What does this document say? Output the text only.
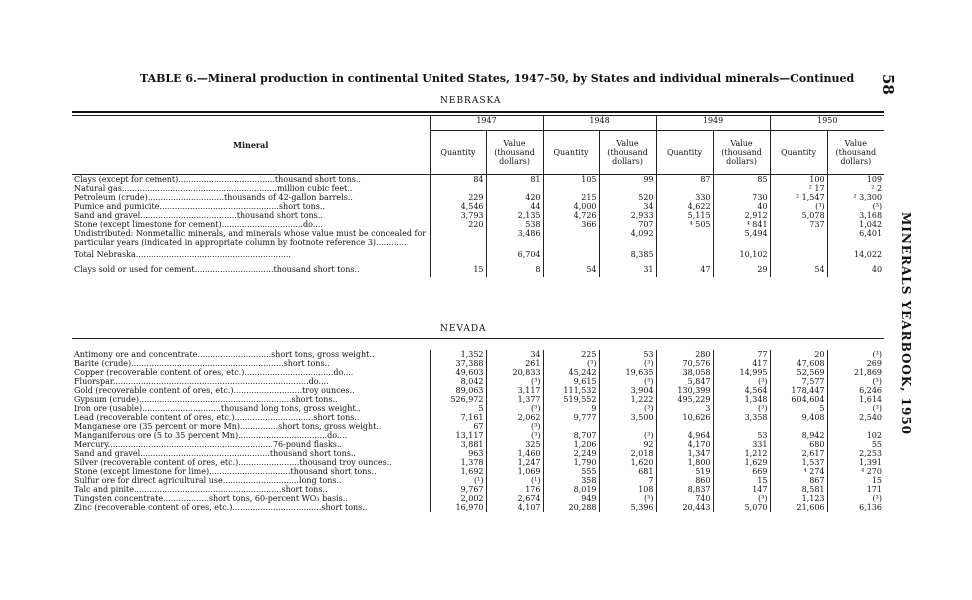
TABLE 6.—Mineral production in continental United States, 1947–50, by States and individual minerals—Continued 58
MINERALS YEARBOOK, 1950
NEBRASKA
Mineral	1947		1948		1949		1950	
	Quantity	Value (thousand dollars)	Quantity	Value (thousand dollars)	Quantity	Value (thousand dollars)	Quantity	Value (thousand dollars)
Clays (except for cement)......................................thousand short tons..	84	81	105	99	87	85	100	109
Natural gas.............................................................million cubic feet..							² 17	² 2
Petroleum (crude)..............................thousands of 42-gallon barrels..	229	420	215	520	330	730	² 1,547	² 3,300
Pumice and pumicite...............................................short tons..	4,546	44	4,000	34	4,622	40	(³)	(³)
Sand and gravel......................................thousand short tons..	3,793	2,135	4,726	2,933	5,115	2,912	5,078	3,168
Stone (except limestone for cement)................................do....	220	538	366	707	⁴ 505	⁴ 841	737	1,042
Undistributed: Nonmetallic minerals, and minerals whose value must be concealed for particular years (indicated in appropriate column by footnote reference 3)............		3,486		4,092		5,494		6,401
Total Nebraska.............................................................		6,704		8,385		10,102		14,022
Clays sold or used for cement...............................thousand short tons..	15	8	54	31	47	29	54	40
NEVADA
Antimony ore and concentrate.............................short tons, gross weight..	1,352	34	225	53	280	77	20	(³)
Barite (crude)............................................................short tons..	37,388	261	(³)	(³)	70,576	417	47,608	269
Copper (recoverable content of ores, etc.)...................................do....	49,603	20,833	45,242	19,635	38,058	14,995	52,569	21,869
Fluorspar.............................................................................do....	8,042	(³)	9,615	(³)	5,847	(³)	7,577	(³)
Gold (recoverable content of ores, etc.)...........................troy ounces..	89,063	3,117	111,532	3,904	130,399	4,564	178,447	6,246
Gypsum (crude)............................................................short tons..	526,972	1,377	519,552	1,222	495,229	1,348	604,604	1,614
Iron ore (usable)...............................thousand long tons, gross weight..	5	(³)	9	(³)	3	(³)	5	(³)
Lead (recoverable content of ores, etc.)...............................short tons..	7,161	2,062	9,777	3,500	10,626	3,358	9,408	2,540
Manganese ore (35 percent or more Mn)...............short tons, gross weight..	67	(³)						
Manganiferous ore (5 to 35 percent Mn)...................................do....	13,117	(³)	8,707	(³)	4,964	53	8,942	102
Mercury.................................................................76-pound flasks..	3,881	325	1,206	92	4,170	331	680	55
Sand and gravel...................................................thousand short tons..	963	1,460	2,249	2,018	1,347	1,212	2,617	2,253
Silver (recoverable content of ores, etc.)........................thousand troy ounces..	1,378	1,247	1,790	1,620	1,800	1,629	1,537	1,391
Stone (except limestone for lime)................................thousand short tons..	1,692	1,069	555	681	519	669	⁴ 274	⁴ 270
Sulfur ore for direct agricultural use..............................long tons..	(¹)	(¹)	358	7	860	15	867	15
Talc and pinite..........................................................short tons..	9,767	176	8,019	108	8,837	147	8,581	171
Tungsten concentrate..................short tons, 60-percent WO₃ basis..	2,002	2,674	949	(³)	740	(³)	1,123	(³)
Zinc (recoverable content of ores, etc.)...................................short tons..	16,970	4,107	20,288	5,396	20,443	5,070	21,606	6,136
